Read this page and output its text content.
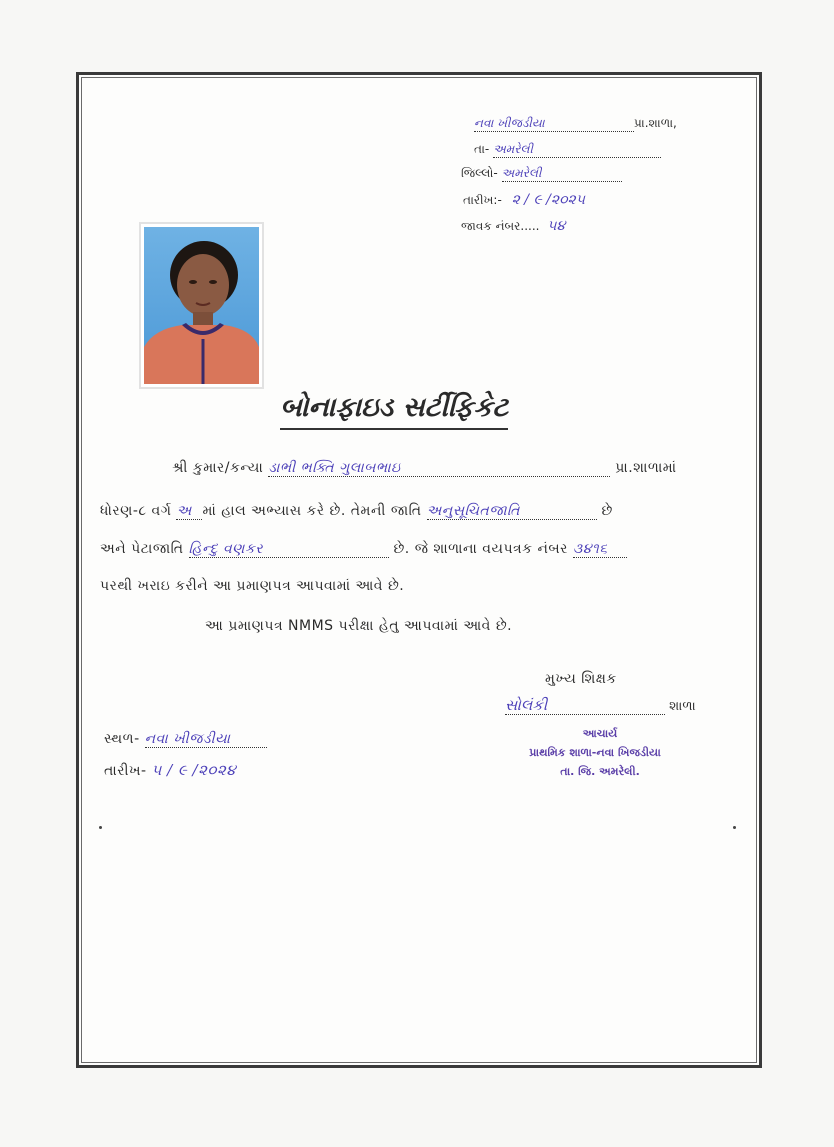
નવા ખીજડીયા	પ્રા.શાળા,
તા- અમરેલી
જિલ્લો- અમરેલી
તારીખ:- ૨ / ૯ /૨૦૨૫
જાવક નંબર..... ૫૪
બોનાફાઇડ સર્ટીફિકેટ
શ્રી કુમાર/કન્યા ડાભી ભક્તિ ગુલાબભાઇ	પ્રા.શાળામાં
ધોરણ-૮ વર્ગ અ માં હાલ અભ્યાસ કરે છે. તેમની જાતિ અનુસૂચિતજાતિ	છે
અને પેટાજાતિ હિન્દુ વણકર	છે. જે શાળાના વયપત્રક નંબર ૩૪૧૬
પરથી ખરાઇ કરીને આ પ્રમાણપત્ર આપવામાં આવે છે.
આ પ્રમાણપત્ર NMMS પરીક્ષા હેતુ આપવામાં આવે છે.
મુખ્ય શિક્ષક
સોલંકી	શાળા
આચાર્ય
પ્રાથમિક શાળા-નવા ખિજડીયા
તા. જિ. અમરેલી.
સ્થળ- નવા ખીજડીયા
તારીખ- ૫ / ૯ /૨૦૨૪
